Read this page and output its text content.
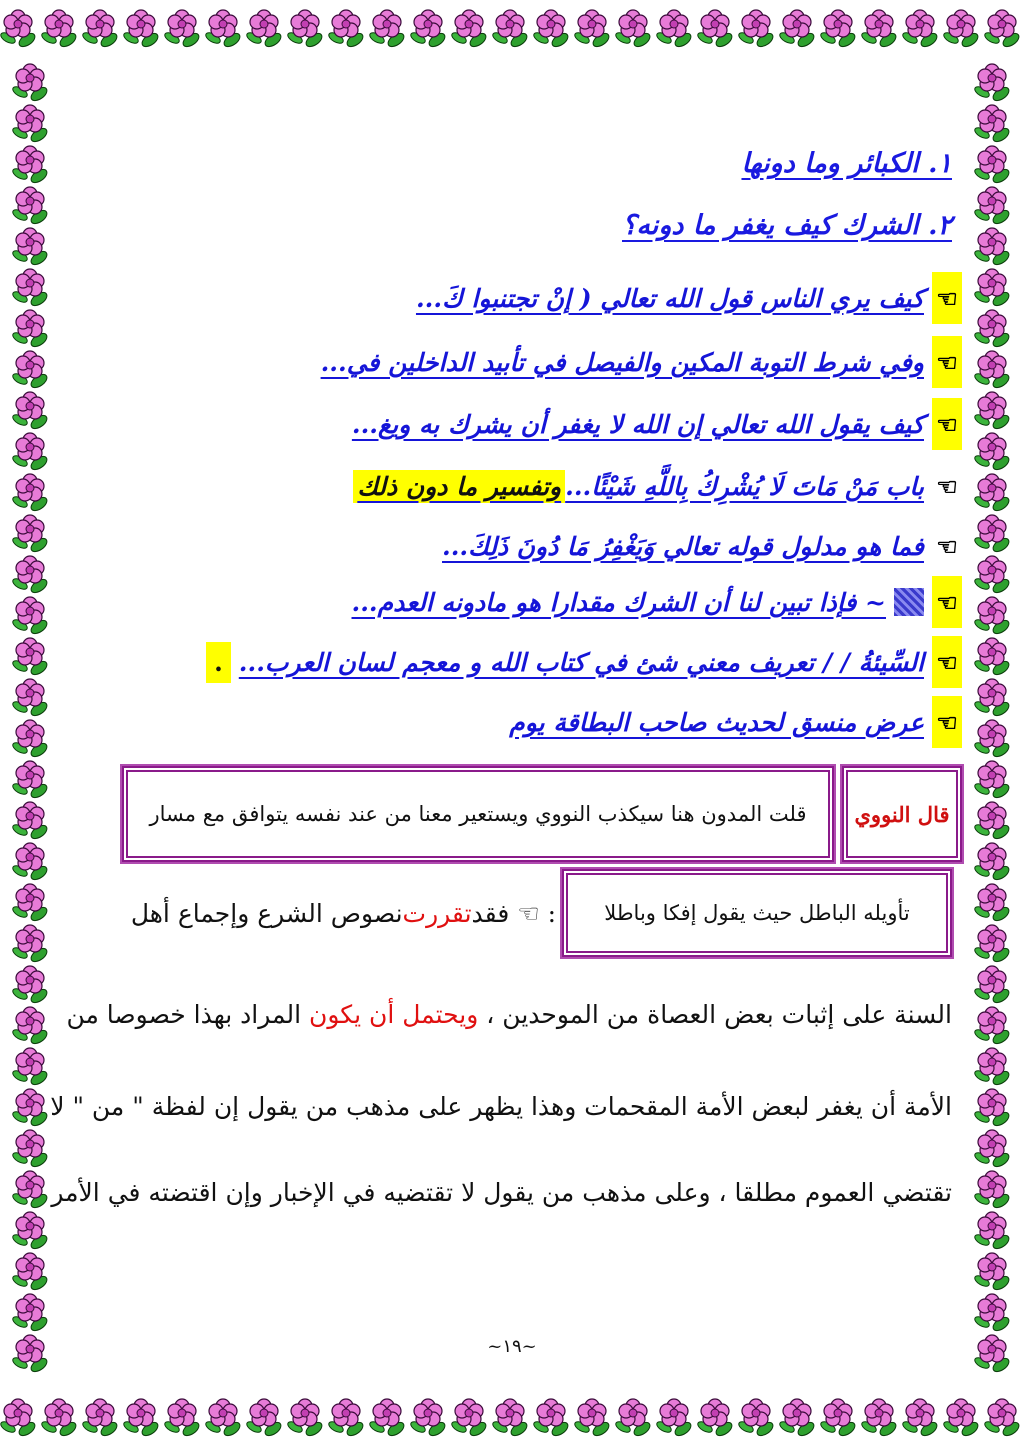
١. الكبائر وما دونها
٢. الشرك كيف يغفر ما دونه؟
☜
كيف يري الناس قول الله تعالي ( إنْ تجتنبوا كَ...
☜
وفي شرط التوبة المكين والفيصل في تأبيد الداخلين في...
☜
كيف يقول الله تعالي إن الله لا يغفر أن يشرك به ويغ...
☜
باب مَنْ مَاتَ لَا يُشْرِكُ بِاللَّهِ شَيْئًا...وتفسير ما دون ذلك
☜
فما هو مدلول قوله تعالي وَيَغْفِرُ مَا دُونَ ذَلِكَ...
☜
~ فإذا تبين لنا أن الشرك مقدارا هو مادونه العدم...
☜
السِّيئةُ / / تعريف معني شئ في كتاب الله و معجم لسان العرب...
.
☜
عرض منسق لحديث صاحب البطاقة يوم
قال النووي
قلت المدون هنا سيكذب النووي ويستعير معنا من عند نفسه يتوافق مع مسار
تأويله الباطل حيث يقول إفكا وباطلا
: ☜ فقد
تقررت
نصوص الشرع وإجماع أهل
السنة على إثبات بعض العصاة من الموحدين ، ويحتمل أن يكون المراد بهذا خصوصا من
الأمة أن يغفر لبعض الأمة المقحمات وهذا يظهر على مذهب من يقول إن لفظة " من " لا
تقتضي العموم مطلقا ، وعلى مذهب من يقول لا تقتضيه في الإخبار وإن اقتضته في الأمر
~١٩~
